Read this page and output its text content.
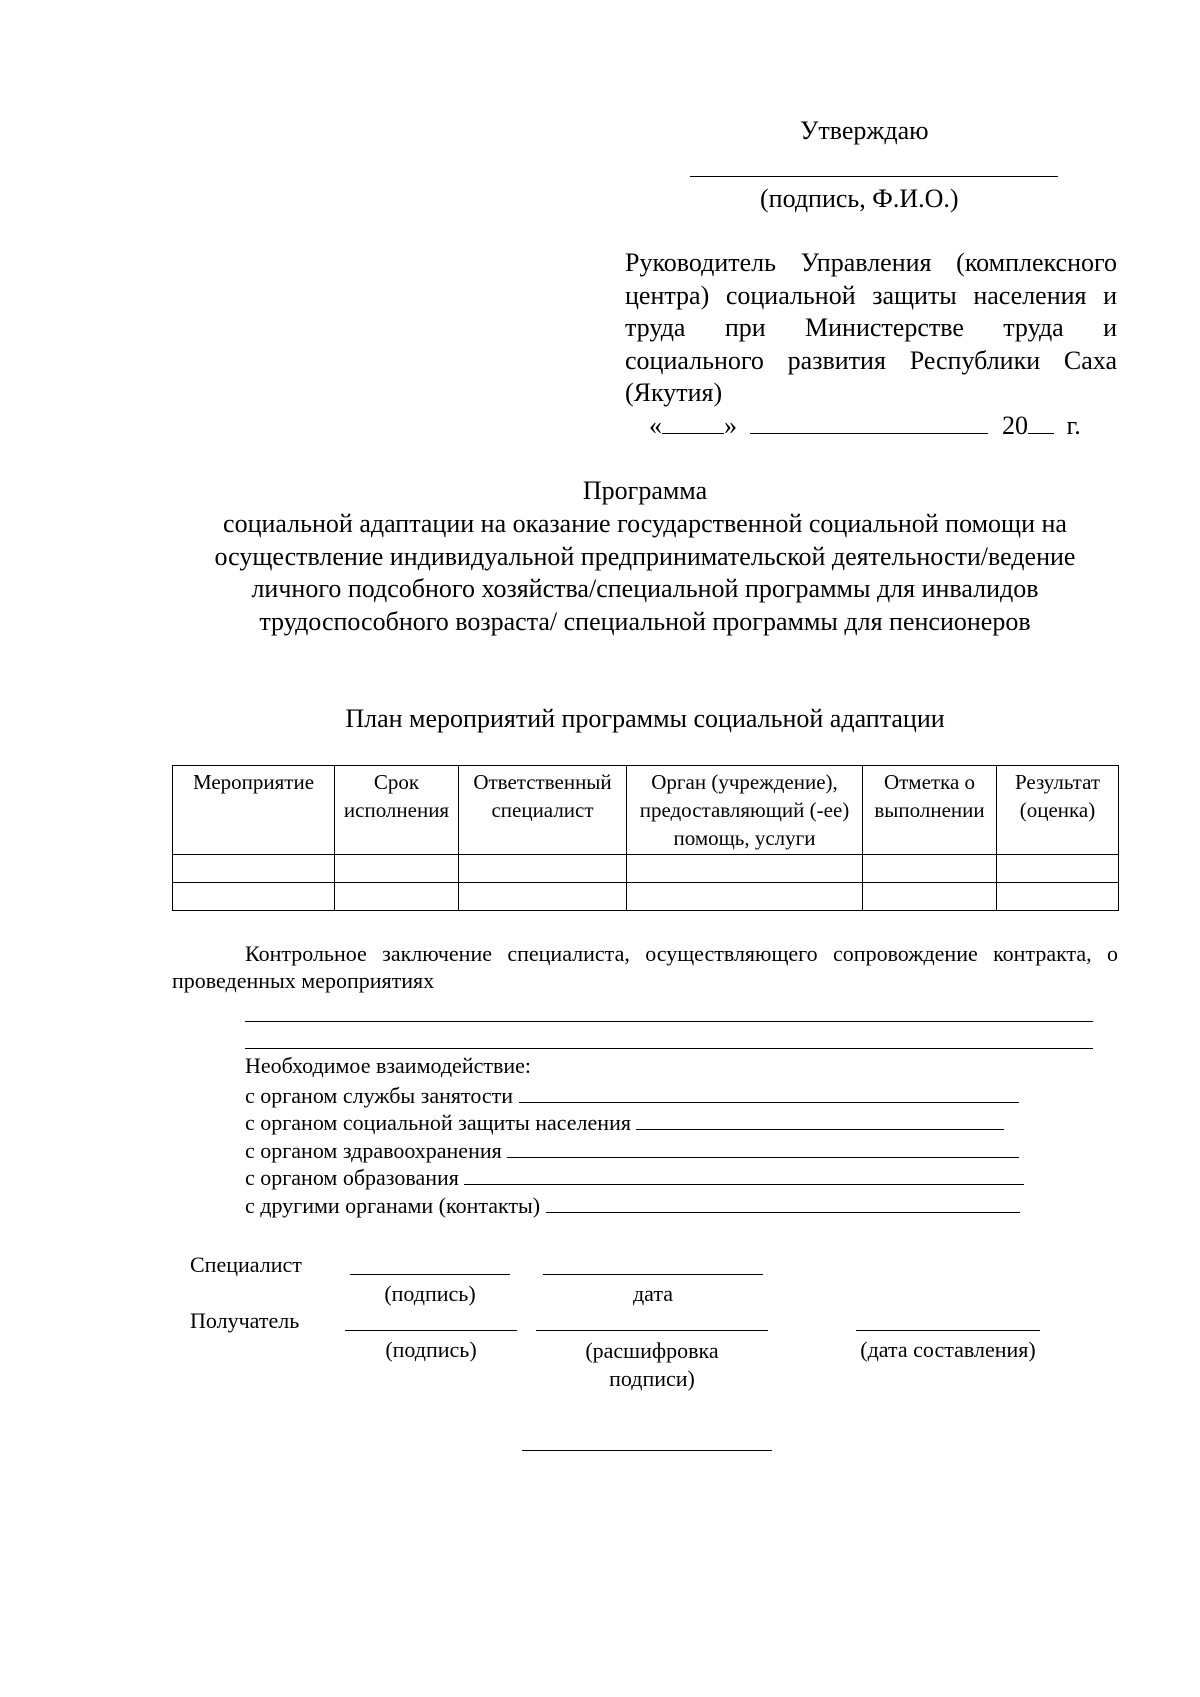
Утверждаю
(подпись, Ф.И.О.)
Руководитель Управления (комплексного центра) социальной защиты населения и труда при Министерстве труда и социального развития Республики Саха (Якутия)
« »	20 г.
Программа
социальной адаптации на оказание государственной социальной помощи на осуществление индивидуальной предпринимательской деятельности/ведение личного подсобного хозяйства/специальной программы для инвалидов трудоспособного возраста/ специальной программы для пенсионеров
План мероприятий программы социальной адаптации
Мероприятие	Срок исполнения	Ответственный специалист	Орган (учреждение), предоставляющий (-ее) помощь, услуги	Отметка о выполнении	Результат (оценка)

Контрольное заключение специалиста, осуществляющего сопровождение контракта, о проведенных мероприятиях
Необходимое взаимодействие:
с органом службы занятости
с органом социальной защиты населения
с органом здравоохранения
с органом образования
с другими органами (контакты)
Специалист
(подпись)	дата
Получатель
(подпись)	(расшифровка подписи)
(дата составления)
